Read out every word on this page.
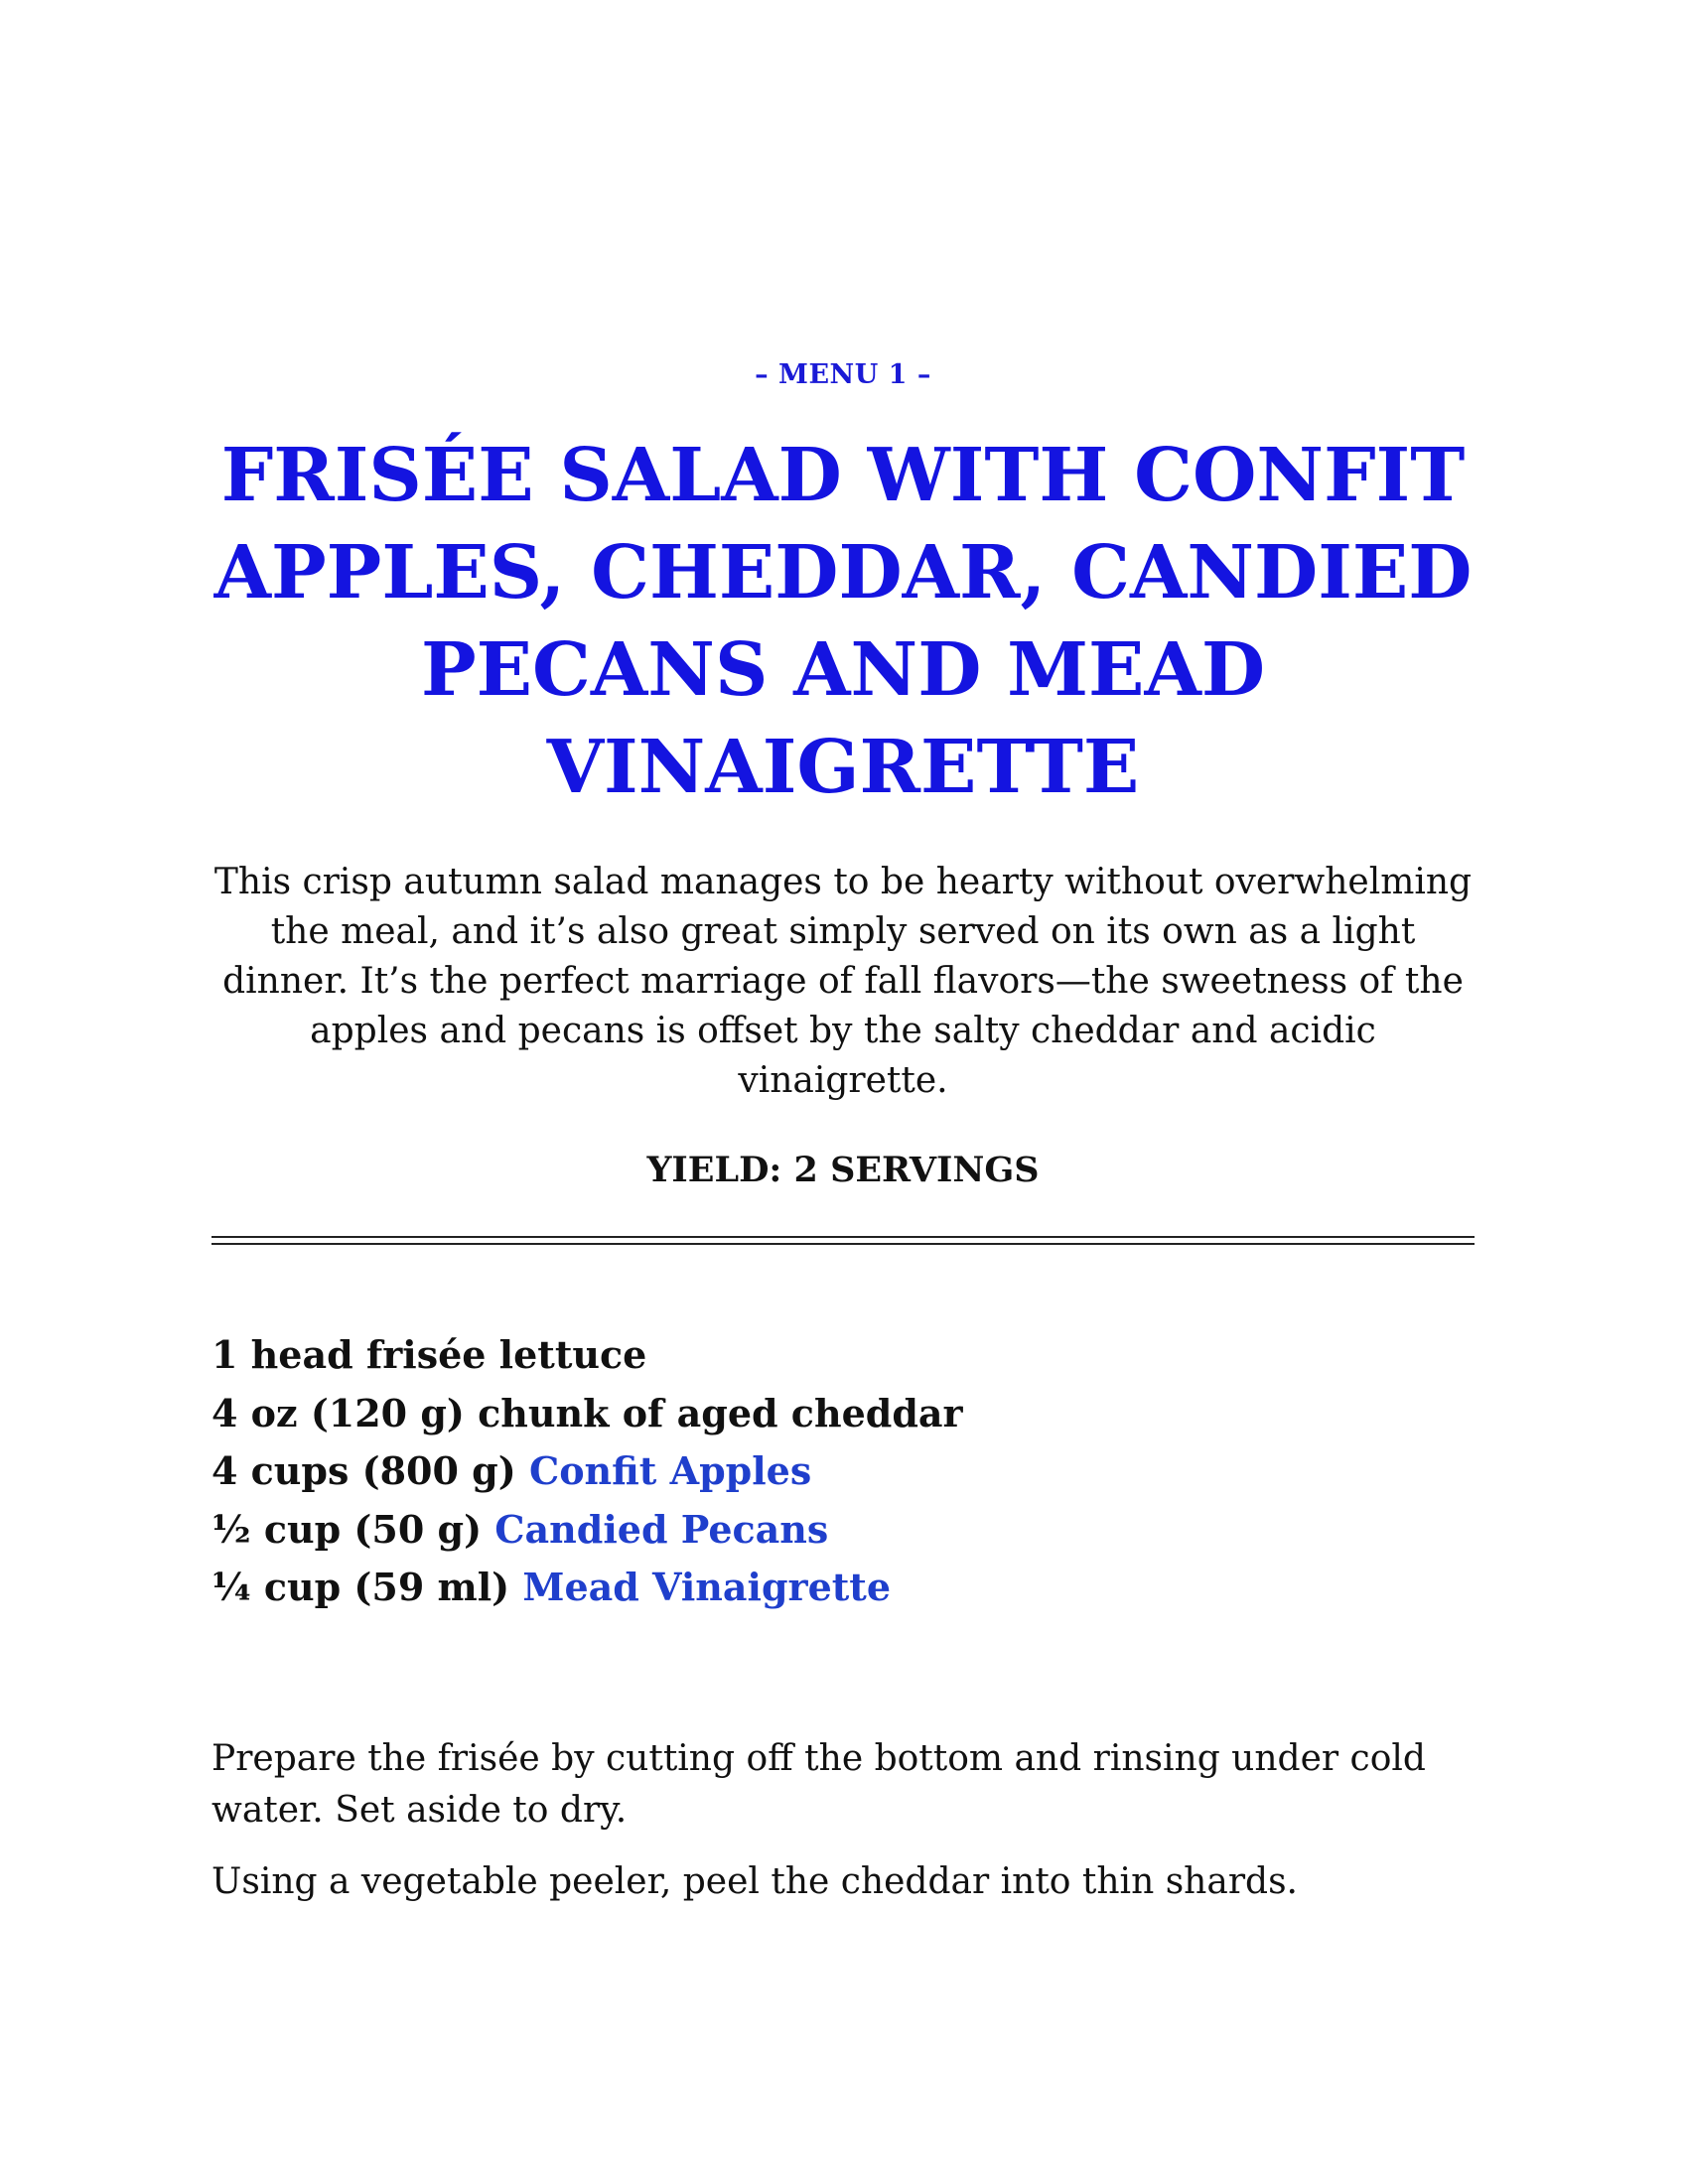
– MENU 1 –
FRISÉE SALAD WITH CONFIT APPLES, CHEDDAR, CANDIED PECANS AND MEAD VINAIGRETTE

This crisp autumn salad manages to be hearty without overwhelming the meal, and it’s also great simply served on its own as a light dinner. It’s the perfect marriage of fall flavors—the sweetness of the apples and pecans is offset by the salty cheddar and acidic vinaigrette.

YIELD: 2 SERVINGS

1 head frisée lettuce
4 oz (120 g) chunk of aged cheddar
4 cups (800 g) Confit Apples
½ cup (50 g) Candied Pecans
¼ cup (59 ml) Mead Vinaigrette

Prepare the frisée by cutting off the bottom and rinsing under cold water. Set aside to dry.

Using a vegetable peeler, peel the cheddar into thin shards.
